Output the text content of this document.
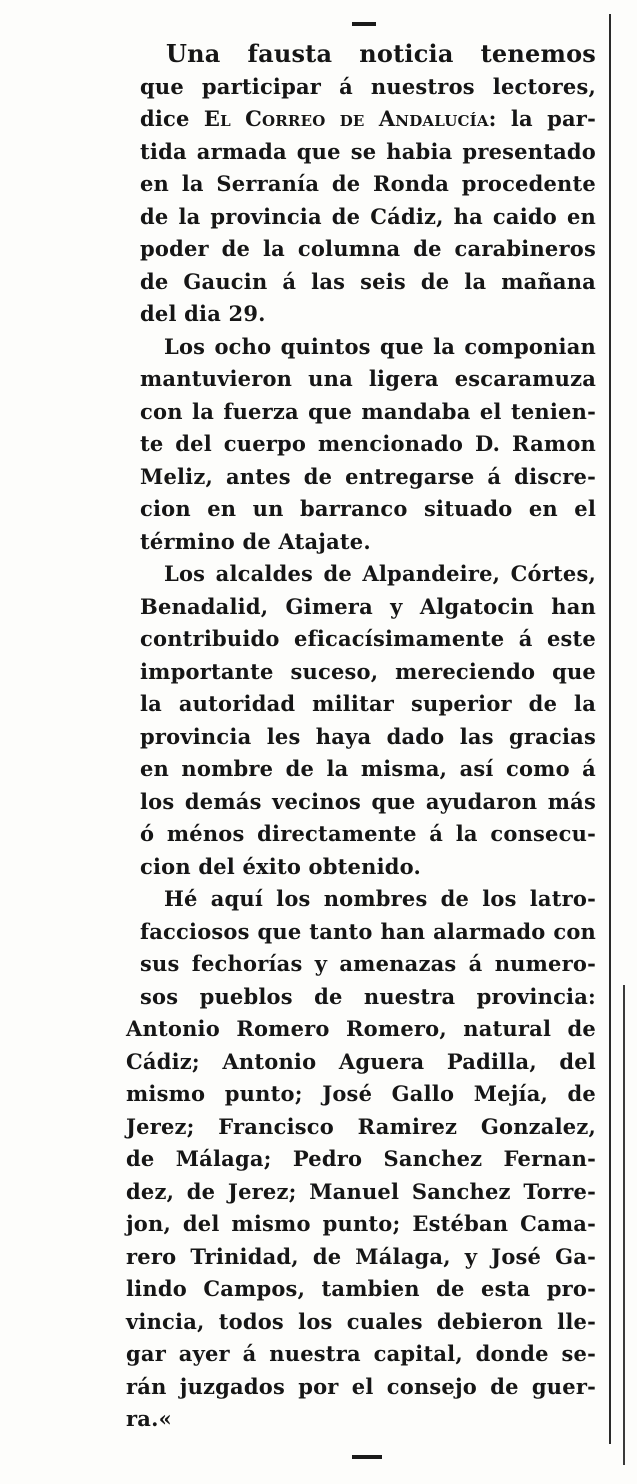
Una fausta noticia tenemos
que participar á nuestros lectores,
dice El Correo de Andalucía: la par-
tida armada que se habia presentado
en la Serranía de Ronda procedente
de la provincia de Cádiz, ha caido en
poder de la columna de carabineros
de Gaucin á las seis de la mañana
del dia 29.
Los ocho quintos que la componian
mantuvieron una ligera escaramuza
con la fuerza que mandaba el tenien-
te del cuerpo mencionado D. Ramon
Meliz, antes de entregarse á discre-
cion en un barranco situado en el
término de Atajate.
Los alcaldes de Alpandeire, Córtes,
Benadalid, Gimera y Algatocin han
contribuido eficacísimamente á este
importante suceso, mereciendo que
la autoridad militar superior de la
provincia les haya dado las gracias
en nombre de la misma, así como á
los demás vecinos que ayudaron más
ó ménos directamente á la consecu-
cion del éxito obtenido.
Hé aquí los nombres de los latro-
facciosos que tanto han alarmado con
sus fechorías y amenazas á numero-
sos pueblos de nuestra provincia:
Antonio Romero Romero, natural de
Cádiz; Antonio Aguera Padilla, del
mismo punto; José Gallo Mejía, de
Jerez; Francisco Ramirez Gonzalez,
de Málaga; Pedro Sanchez Fernan-
dez, de Jerez; Manuel Sanchez Torre-
jon, del mismo punto; Estéban Cama-
rero Trinidad, de Málaga, y José Ga-
lindo Campos, tambien de esta pro-
vincia, todos los cuales debieron lle-
gar ayer á nuestra capital, donde se-
rán juzgados por el consejo de guer-
ra.«
